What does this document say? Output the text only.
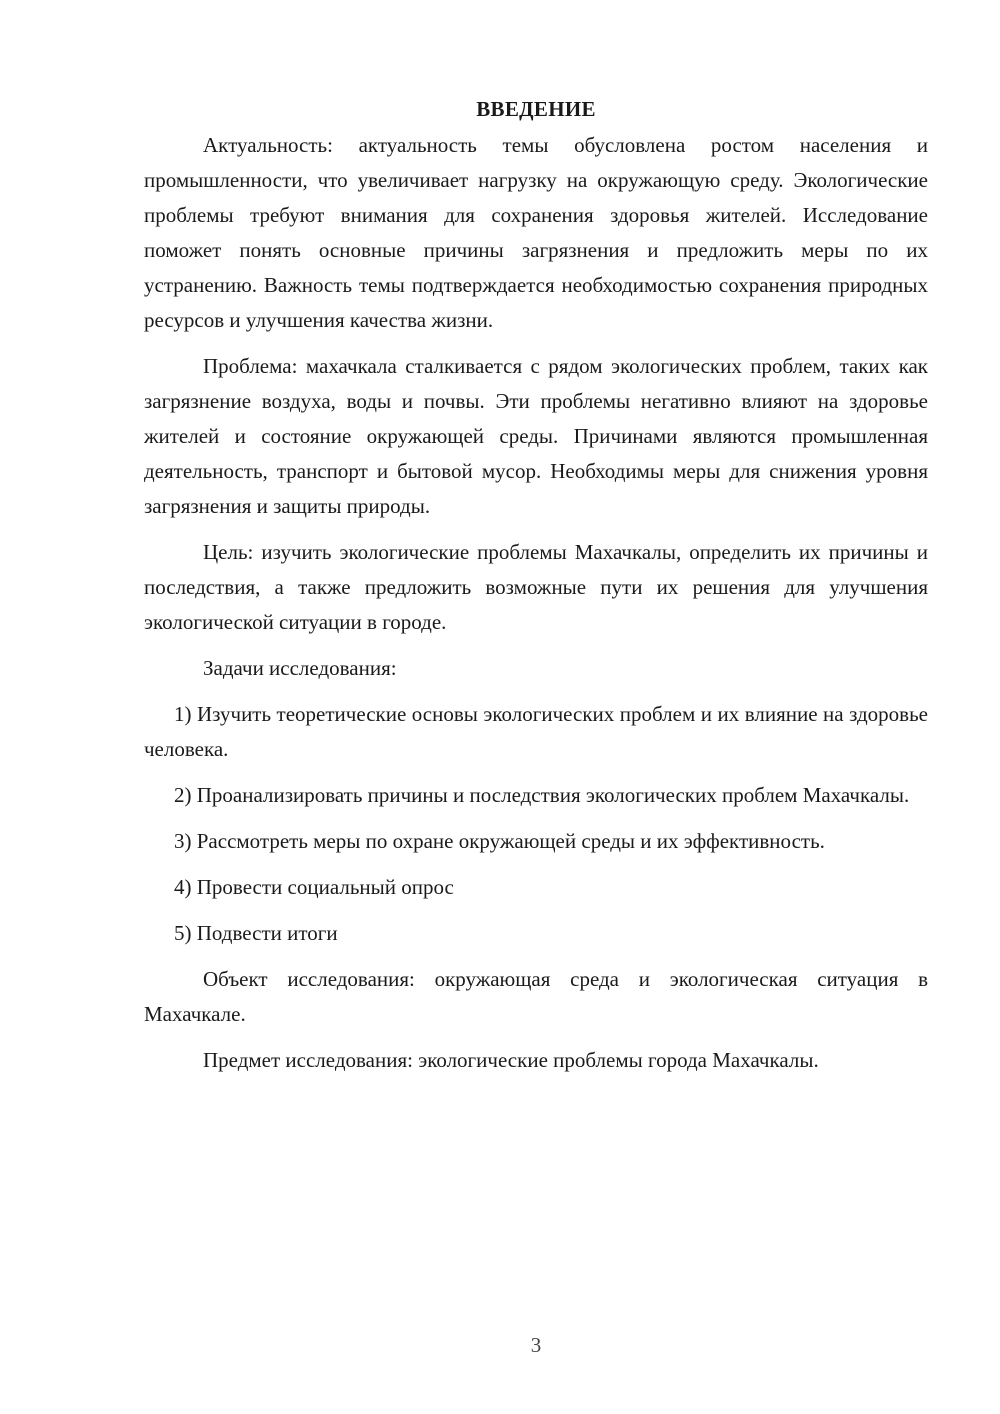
ВВЕДЕНИЕ

Актуальность: актуальность темы обусловлена ростом населения и промышленности, что увеличивает нагрузку на окружающую среду. Экологические проблемы требуют внимания для сохранения здоровья жителей. Исследование поможет понять основные причины загрязнения и предложить меры по их устранению. Важность темы подтверждается необходимостью сохранения природных ресурсов и улучшения качества жизни.

Проблема: махачкала сталкивается с рядом экологических проблем, таких как загрязнение воздуха, воды и почвы. Эти проблемы негативно влияют на здоровье жителей и состояние окружающей среды. Причинами являются промышленная деятельность, транспорт и бытовой мусор. Необходимы меры для снижения уровня загрязнения и защиты природы.

Цель: изучить экологические проблемы Махачкалы, определить их причины и последствия, а также предложить возможные пути их решения для улучшения экологической ситуации в городе.

Задачи исследования:

1) Изучить теоретические основы экологических проблем и их влияние на здоровье человека.

2) Проанализировать причины и последствия экологических проблем Махачкалы.

3) Рассмотреть меры по охране окружающей среды и их эффективность.

4) Провести социальный опрос

5) Подвести итоги

Объект исследования: окружающая среда и экологическая ситуация в Махачкале.

Предмет исследования: экологические проблемы города Махачкалы.

3
